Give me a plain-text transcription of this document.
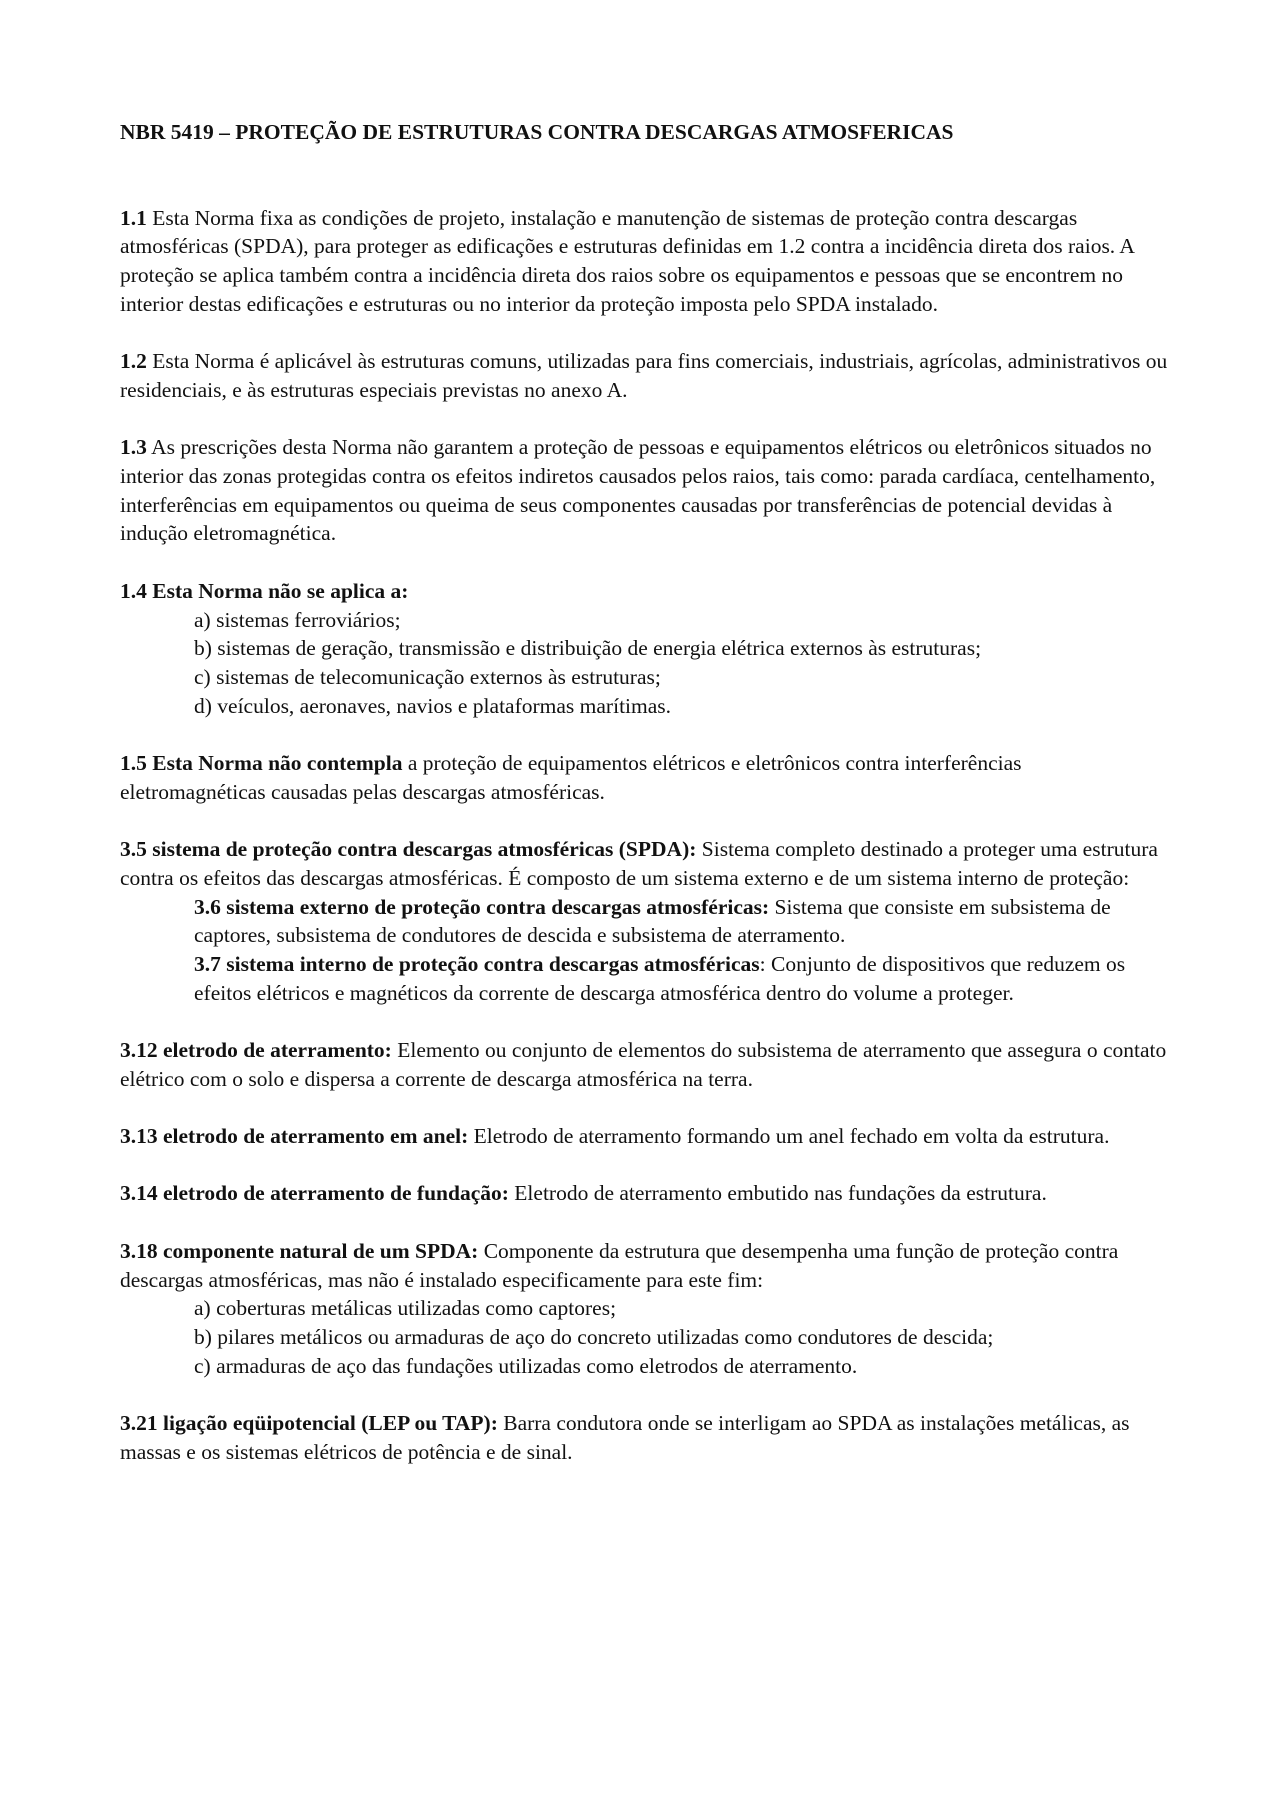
NBR 5419 – PROTEÇÃO DE ESTRUTURAS CONTRA DESCARGAS ATMOSFERICAS

1.1 Esta Norma fixa as condições de projeto, instalação e manutenção de sistemas de proteção contra descargas atmosféricas (SPDA), para proteger as edificações e estruturas definidas em 1.2 contra a incidência direta dos raios. A proteção se aplica também contra a incidência direta dos raios sobre os equipamentos e pessoas que se encontrem no interior destas edificações e estruturas ou no interior da proteção imposta pelo SPDA instalado.

1.2 Esta Norma é aplicável às estruturas comuns, utilizadas para fins comerciais, industriais, agrícolas, administrativos ou residenciais, e às estruturas especiais previstas no anexo A.

1.3 As prescrições desta Norma não garantem a proteção de pessoas e equipamentos elétricos ou eletrônicos situados no interior das zonas protegidas contra os efeitos indiretos causados pelos raios, tais como: parada cardíaca, centelhamento, interferências em equipamentos ou queima de seus componentes causadas por transferências de potencial devidas à indução eletromagnética.

1.4 Esta Norma não se aplica a:

a) sistemas ferroviários;
b) sistemas de geração, transmissão e distribuição de energia elétrica externos às estruturas;
c) sistemas de telecomunicação externos às estruturas;
d) veículos, aeronaves, navios e plataformas marítimas.

1.5 Esta Norma não contempla a proteção de equipamentos elétricos e eletrônicos contra interferências eletromagnéticas causadas pelas descargas atmosféricas.

3.5 sistema de proteção contra descargas atmosféricas (SPDA): Sistema completo destinado a proteger uma estrutura contra os efeitos das descargas atmosféricas. É composto de um sistema externo e de um sistema interno de proteção:

3.6 sistema externo de proteção contra descargas atmosféricas: Sistema que consiste em subsistema de captores, subsistema de condutores de descida e subsistema de aterramento.

3.7 sistema interno de proteção contra descargas atmosféricas: Conjunto de dispositivos que reduzem os efeitos elétricos e magnéticos da corrente de descarga atmosférica dentro do volume a proteger.

3.12 eletrodo de aterramento: Elemento ou conjunto de elementos do subsistema de aterramento que assegura o contato elétrico com o solo e dispersa a corrente de descarga atmosférica na terra.

3.13 eletrodo de aterramento em anel: Eletrodo de aterramento formando um anel fechado em volta da estrutura.

3.14 eletrodo de aterramento de fundação: Eletrodo de aterramento embutido nas fundações da estrutura.

3.18 componente natural de um SPDA: Componente da estrutura que desempenha uma função de proteção contra descargas atmosféricas, mas não é instalado especificamente para este fim:

a) coberturas metálicas utilizadas como captores;
b) pilares metálicos ou armaduras de aço do concreto utilizadas como condutores de descida;
c) armaduras de aço das fundações utilizadas como eletrodos de aterramento.

3.21 ligação eqüipotencial (LEP ou TAP): Barra condutora onde se interligam ao SPDA as instalações metálicas, as massas e os sistemas elétricos de potência e de sinal.
